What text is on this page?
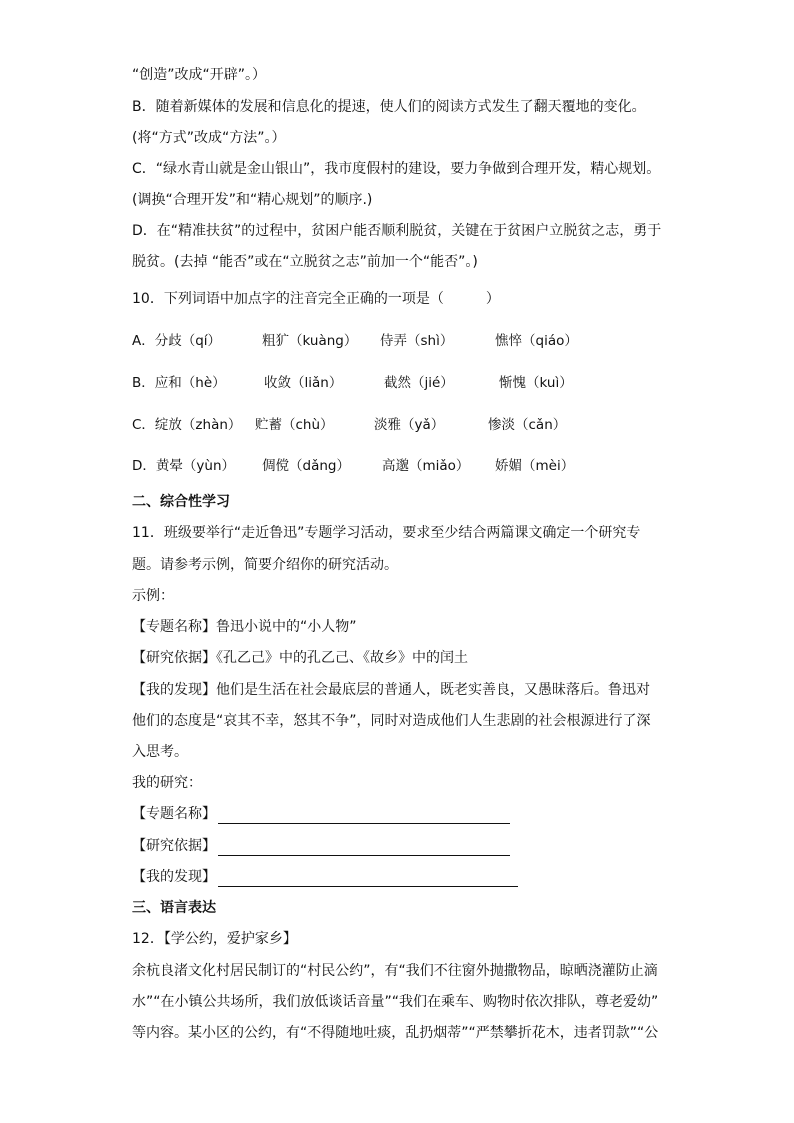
“创造”改成“开辟”。）
B．随着新媒体的发展和信息化的提速，使人们的阅读方式发生了翻天覆地的变化。
(将“方式”改成“方法”。）
C．“绿水青山就是金山银山”，我市度假村的建设，要力争做到合理开发，精心规划。
(调换“合理开发”和“精心规划”的顺序.)
D．在“精准扶贫”的过程中，贫困户能否顺利脱贫，关键在于贫困户立脱贫之志，勇于
脱贫。(去掉 “能否”或在“立脱贫之志”前加一个“能否”。)
10．下列词语中加点字的注音完全正确的一项是（　　　）
A．分歧（qí）	粗犷（kuàng） 侍弄（shì）	憔悴（qiáo）
B．应和（hè）	收敛（liǎn）	截然（jié）	惭愧（kuì）
C．绽放（zhàn） 贮蓄（chù）	淡雅（yǎ）	惨淡（cǎn）
D．黄晕（yùn） 倜傥（dǎng） 高邈（miǎo） 娇媚（mèi）
二、综合性学习
11．班级要举行“走近鲁迅”专题学习活动，要求至少结合两篇课文确定一个研究专
题。请参考示例，简要介绍你的研究活动。
示例：
【专题名称】鲁迅小说中的“小人物”
【研究依据】《孔乙己》中的孔乙己、《故乡》中的闰土
【我的发现】他们是生活在社会最底层的普通人，既老实善良，又愚昧落后。鲁迅对
他们的态度是“哀其不幸，怒其不争”，同时对造成他们人生悲剧的社会根源进行了深
入思考。
我的研究：
【专题名称】
【研究依据】
【我的发现】
三、语言表达
12．【学公约，爱护家乡】
余杭良渚文化村居民制订的“村民公约”，有“我们不往窗外抛撒物品，晾晒浇灌防止滴
水”“在小镇公共场所，我们放低谈话音量”“我们在乘车、购物时依次排队，尊老爱幼”
等内容。某小区的公约，有“不得随地吐痰，乱扔烟蒂”“严禁攀折花木，违者罚款”“公
